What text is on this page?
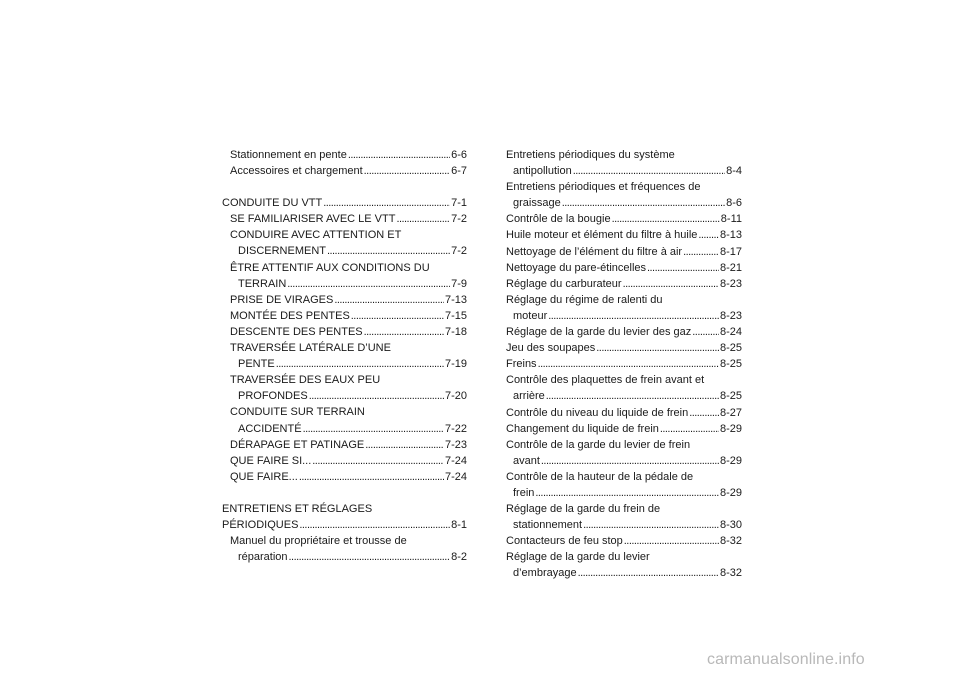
Stationnement en pente . . .	6-6
Accessoires et chargement . . .	6-7
CONDUITE DU VTT . . .	7-1
SE FAMILIARISER AVEC LE VTT . . .	7-2
CONDUIRE AVEC ATTENTION ET
DISCERNEMENT . . .	7-2
ÊTRE ATTENTIF AUX CONDITIONS DU
TERRAIN . . .	7-9
PRISE DE VIRAGES . . .	7-13
MONTÉE DES PENTES . . .	7-15
DESCENTE DES PENTES . . .	7-18
TRAVERSÉE LATÉRALE D’UNE
PENTE . . .	7-19
TRAVERSÉE DES EAUX PEU
PROFONDES . . .	7-20
CONDUITE SUR TERRAIN
ACCIDENTÉ . . .	7-22
DÉRAPAGE ET PATINAGE . . .	7-23
QUE FAIRE SI... . . .	7-24
QUE FAIRE... . . .	7-24
ENTRETIENS ET RÉGLAGES
PÉRIODIQUES . . .	8-1
Manuel du propriétaire et trousse de
réparation . . .	8-2
Entretiens périodiques du système
antipollution . . .	8-4
Entretiens périodiques et fréquences de
graissage . . .	8-6
Contrôle de la bougie . . .	8-11
Huile moteur et élément du filtre à huile . . . 8-13
Nettoyage de l’élément du filtre à air . . .	8-17
Nettoyage du pare-étincelles . . .	8-21
Réglage du carburateur . . .	8-23
Réglage du régime de ralenti du
moteur . . .	8-23
Réglage de la garde du levier des gaz . . .	8-24
Jeu des soupapes . . .	8-25
Freins . . .	8-25
Contrôle des plaquettes de frein avant et
arrière . . .	8-25
Contrôle du niveau du liquide de frein . . .	8-27
Changement du liquide de frein . . .	8-29
Contrôle de la garde du levier de frein
avant . . .	8-29
Contrôle de la hauteur de la pédale de
frein . . .	8-29
Réglage de la garde du frein de
stationnement . . .	8-30
Contacteurs de feu stop . . .	8-32
Réglage de la garde du levier
d’embrayage . . .	8-32
carmanualsonline.info
